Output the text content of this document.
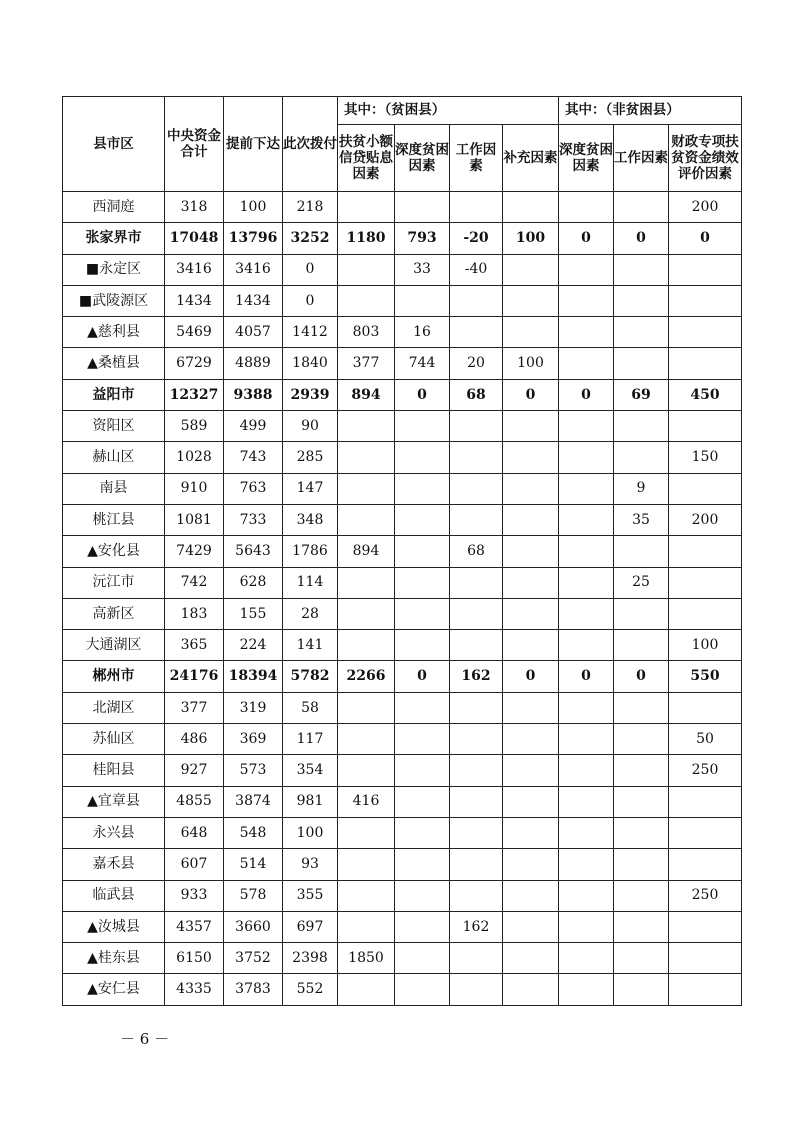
县市区	中央资金合计	提前下达	此次拨付	其中：（贫困县）				其中：（非贫困县）		
				扶贫小额信贷贴息因素	深度贫困因素	工作因素	补充因素	深度贫困因素	工作因素	财政专项扶贫资金绩效评价因素
西洞庭	318	100	218							200
张家界市	17048	13796	3252	1180	793	-20	100	0	0	0
■永定区	3416	3416	0		33	-40				
■武陵源区	1434	1434	0							
▲慈利县	5469	4057	1412	803	16					
▲桑植县	6729	4889	1840	377	744	20	100			
益阳市	12327	9388	2939	894	0	68	0	0	69	450
资阳区	589	499	90							
赫山区	1028	743	285							150
南县	910	763	147						9	
桃江县	1081	733	348						35	200
▲安化县	7429	5643	1786	894		68				
沅江市	742	628	114						25	
高新区	183	155	28							
大通湖区	365	224	141							100
郴州市	24176	18394	5782	2266	0	162	0	0	0	550
北湖区	377	319	58							
苏仙区	486	369	117							50
桂阳县	927	573	354							250
▲宜章县	4855	3874	981	416						
永兴县	648	548	100							
嘉禾县	607	514	93							
临武县	933	578	355							250
▲汝城县	4357	3660	697			162				
▲桂东县	6150	3752	2398	1850						
▲安仁县	4335	3783	552							
－ 6 －
